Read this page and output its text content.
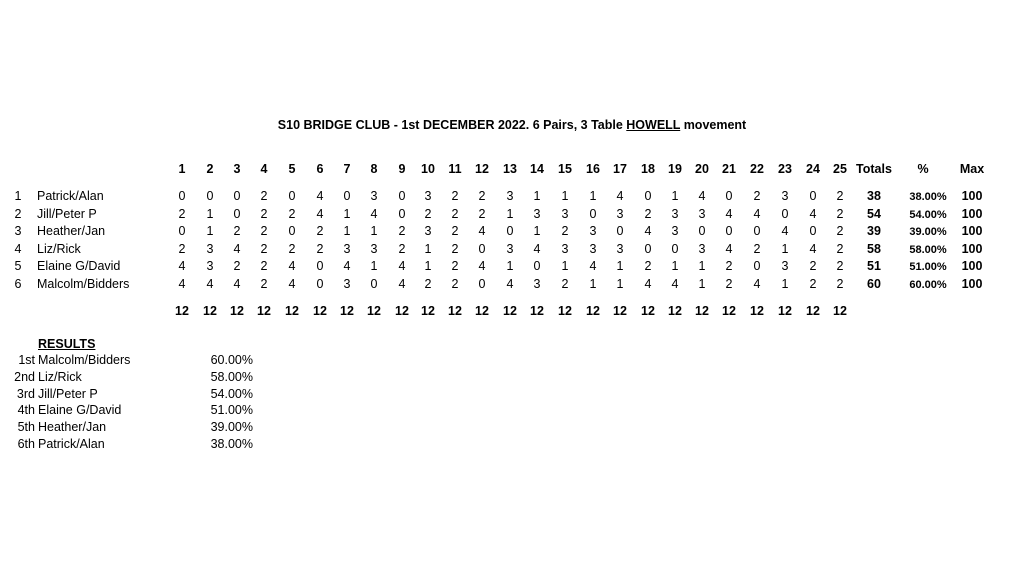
S10 BRIDGE CLUB - 1st DECEMBER 2022. 6 Pairs, 3 Table HOWELL movement
1 2 3 4 5 6 7 8 9 10 11 12 13 14 15 16 17 18 19 20 21 22 23 24 25 Totals %	Max
1 Patrick/Alan	0 0 0 2 0 4 0 3 0 3 2 2 3 1 1 1 4 0 1 4 0 2 3 0 2 38	38.00% 100
2 Jill/Peter P	2 1 0 2 2 4 1 4 0 2 2 2 1 3 3 0 3 2 3 3 4 4 0 4 2 54	54.00% 100
3 Heather/Jan	0 1 2 2 0 2 1 1 2 3 2 4 0 1 2 3 0 4 3 0 0 0 4 0 2 39	39.00% 100
4 Liz/Rick	2 3 4 2 2 2 3 3 2 1 2 0 3 4 3 3 3 0 0 3 4 2 1 4 2 58	58.00% 100
5 Elaine G/David	4 3 2 2 4 0 4 1 4 1 2 4 1 0 1 4 1 2 1 1 2 0 3 2 2 51	51.00% 100
6 Malcolm/Bidders	4 4 4 2 4 0 3 0 4 2 2 0 4 3 2 1 1 4 4 1 2 4 1 2 2 60	60.00% 100
12 12 12 12 12 12 12 12 12 12 12 12 12 12 12 12 12 12 12 12 12 12 12 12 12
RESULTS
1st Malcolm/Bidders	60.00%
2nd Liz/Rick	58.00%
3rd Jill/Peter P	54.00%
4th Elaine G/David	51.00%
5th Heather/Jan	39.00%
6th Patrick/Alan	38.00%
